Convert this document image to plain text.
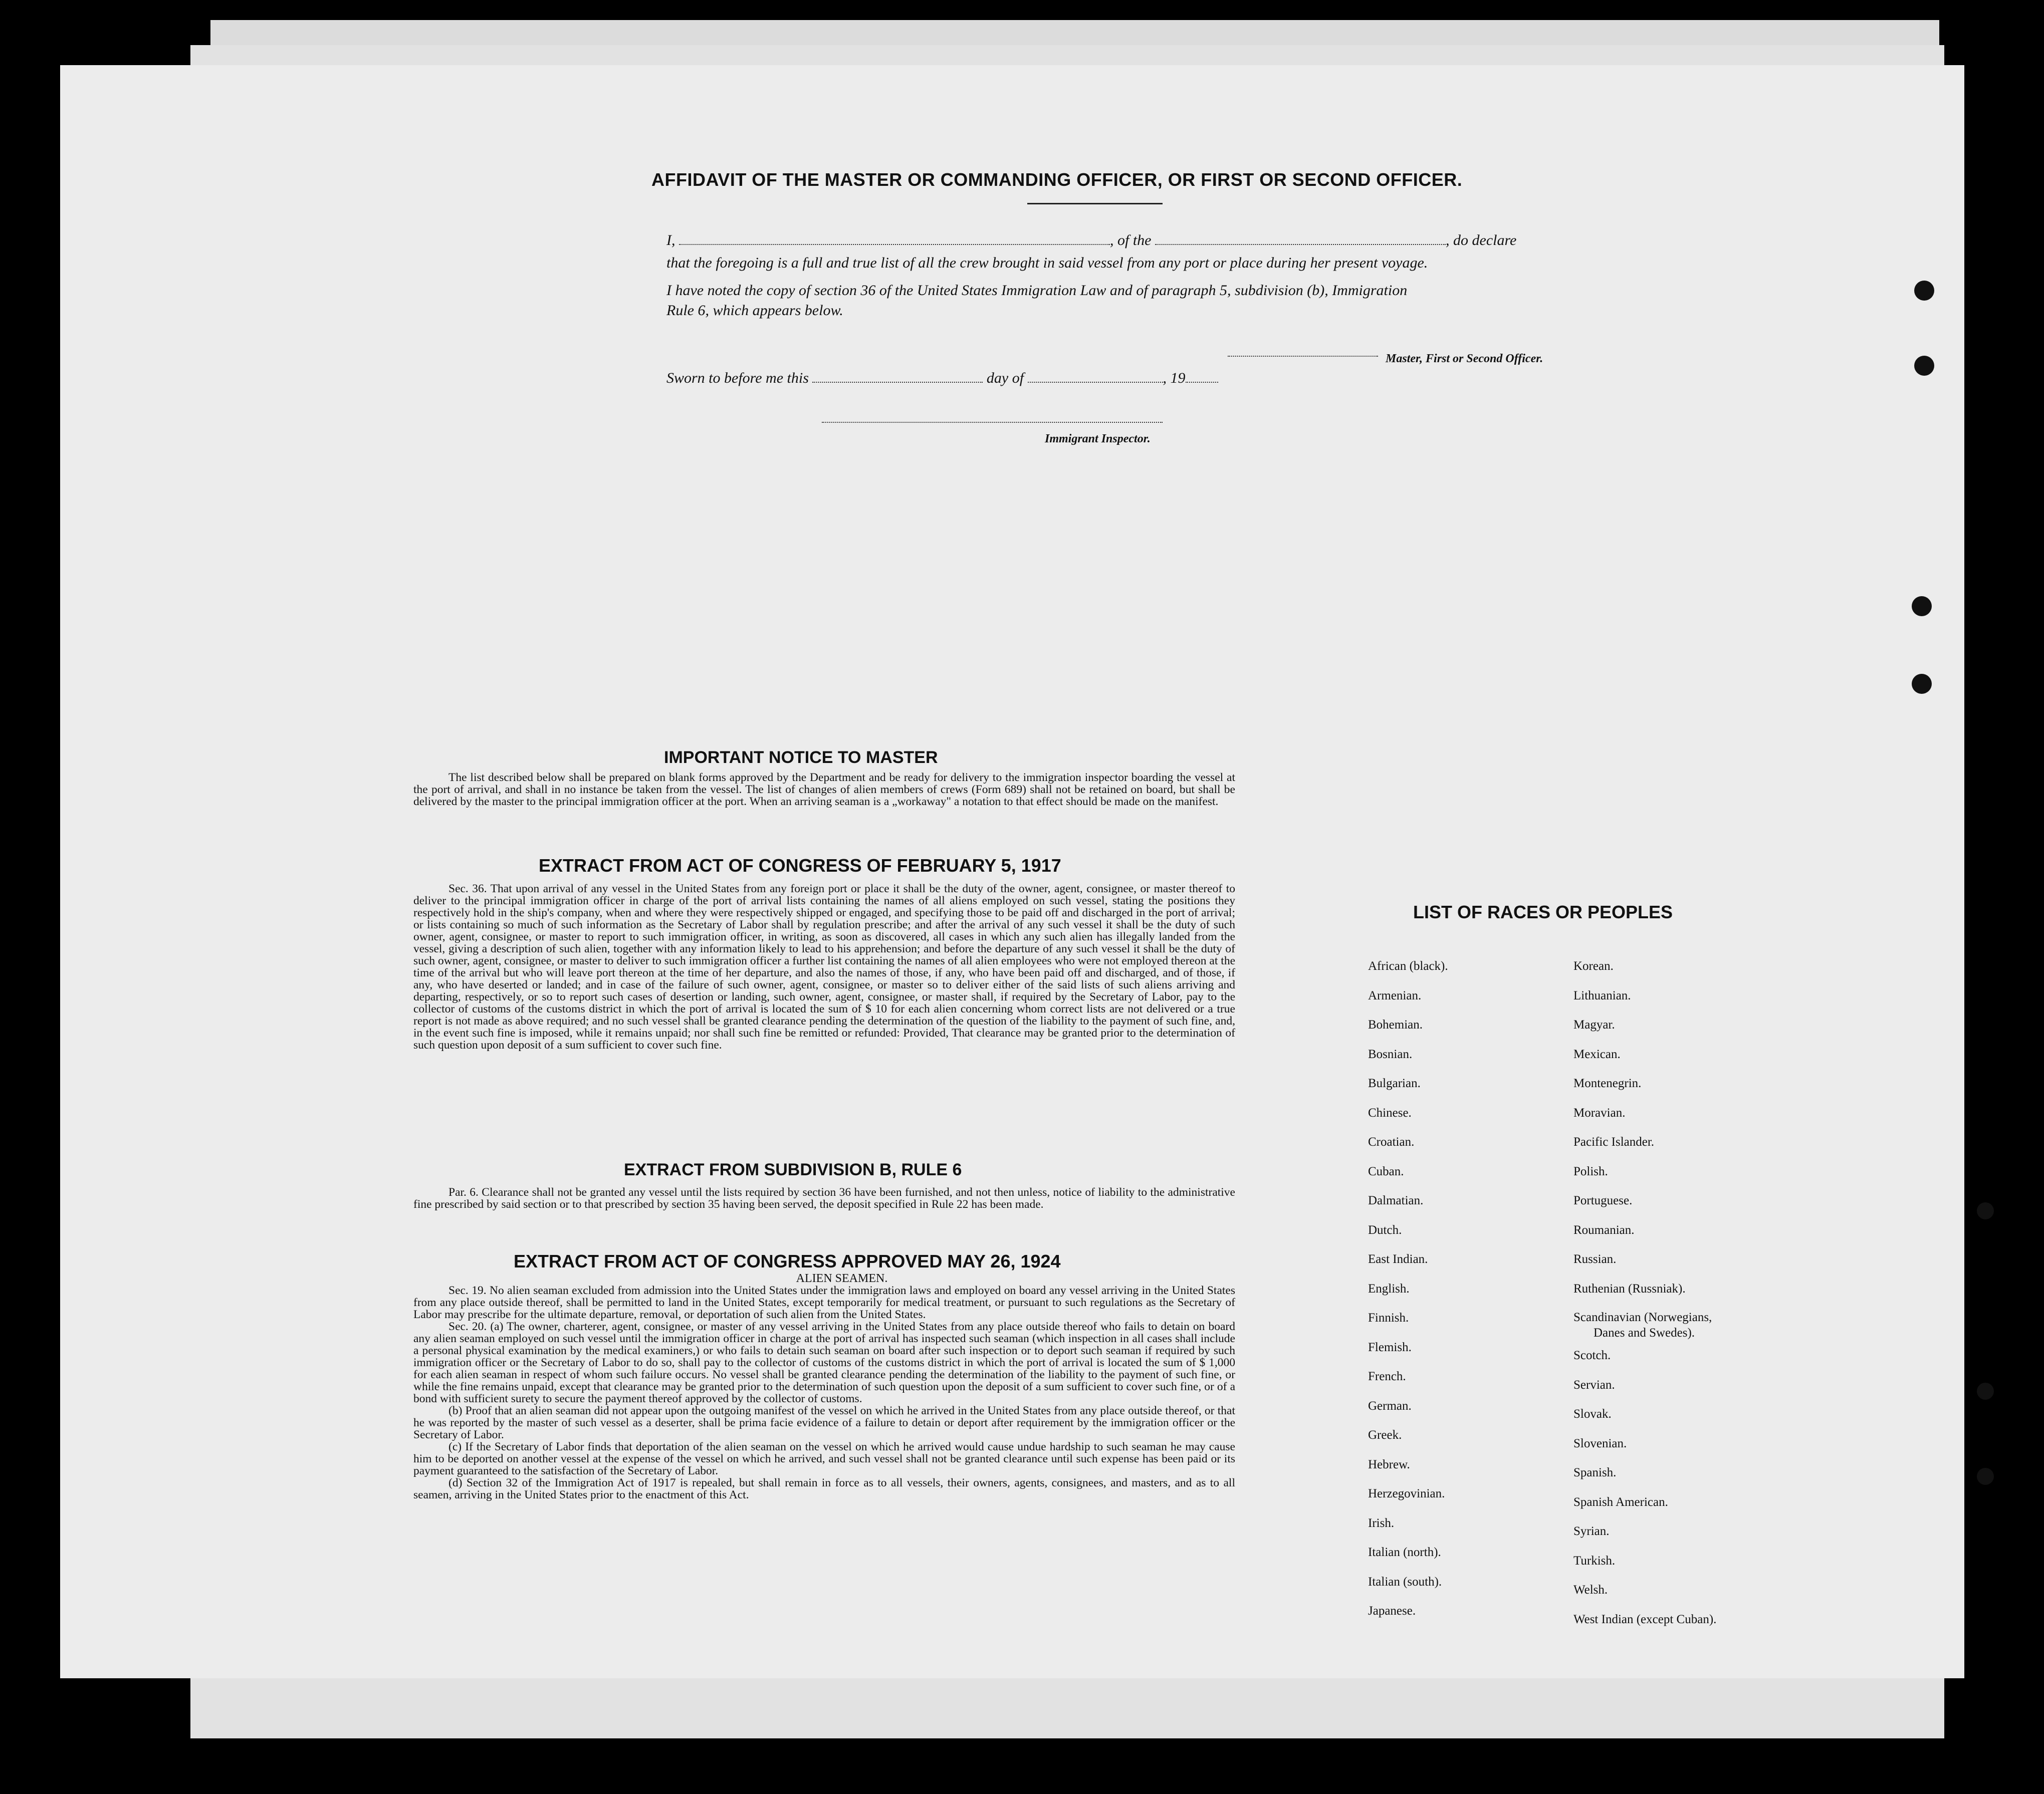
AFFIDAVIT OF THE MASTER OR COMMANDING OFFICER, OR FIRST OR SECOND OFFICER.
I,	, of the	, do declare
that the foregoing is a full and true list of all the crew brought in said vessel from any port or place during her present voyage.
I have noted the copy of section 36 of the United States Immigration Law and of paragraph 5, subdivision (b), Immigration
Rule 6, which appears below.
Master, First or Second Officer.
Sworn to before me this	day of	, 19
Immigrant Inspector.
IMPORTANT NOTICE TO MASTER

The list described below shall be prepared on blank forms approved by the Department and be ready for delivery to the immigration inspector boarding the vessel at the port of arrival, and shall in no instance be taken from the vessel. The list of changes of alien members of crews (Form 689) shall not be retained on board, but shall be delivered by the master to the principal immigration officer at the port. When an arriving seaman is a „workaway" a notation to that effect should be made on the manifest.

EXTRACT FROM ACT OF CONGRESS OF FEBRUARY 5, 1917

Sec. 36. That upon arrival of any vessel in the United States from any foreign port or place it shall be the duty of the owner, agent, consignee, or master thereof to deliver to the principal immigration officer in charge of the port of arrival lists containing the names of all aliens employed on such vessel, stating the positions they respectively hold in the ship's company, when and where they were respectively shipped or engaged, and specifying those to be paid off and discharged in the port of arrival; or lists containing so much of such information as the Secretary of Labor shall by regulation prescribe; and after the arrival of any such vessel it shall be the duty of such owner, agent, consignee, or master to report to such immigration officer, in writing, as soon as discovered, all cases in which any such alien has illegally landed from the vessel, giving a description of such alien, together with any information likely to lead to his apprehension; and before the departure of any such vessel it shall be the duty of such owner, agent, consignee, or master to deliver to such immigration officer a further list containing the names of all alien employees who were not employed thereon at the time of the arrival but who will leave port thereon at the time of her departure, and also the names of those, if any, who have been paid off and discharged, and of those, if any, who have deserted or landed; and in case of the failure of such owner, agent, consignee, or master so to deliver either of the said lists of such aliens arriving and departing, respectively, or so to report such cases of desertion or landing, such owner, agent, consignee, or master shall, if required by the Secretary of Labor, pay to the collector of customs of the customs district in which the port of arrival is located the sum of $ 10 for each alien concerning whom correct lists are not delivered or a true report is not made as above required; and no such vessel shall be granted clearance pending the determination of the question of the liability to the payment of such fine, and, in the event such fine is imposed, while it remains unpaid; nor shall such fine be remitted or refunded: Provided, That clearance may be granted prior to the determination of such question upon deposit of a sum sufficient to cover such fine.

EXTRACT FROM SUBDIVISION B, RULE 6

Par. 6. Clearance shall not be granted any vessel until the lists required by section 36 have been furnished, and not then unless, notice of liability to the administrative fine prescribed by said section or to that prescribed by section 35 having been served, the deposit specified in Rule 22 has been made.

EXTRACT FROM ACT OF CONGRESS APPROVED MAY 26, 1924

ALIEN SEAMEN.

Sec. 19. No alien seaman excluded from admission into the United States under the immigration laws and employed on board any vessel arriving in the United States from any place outside thereof, shall be permitted to land in the United States, except temporarily for medical treatment, or pursuant to such regulations as the Secretary of Labor may prescribe for the ultimate departure, removal, or deportation of such alien from the United States.

Sec. 20. (a) The owner, charterer, agent, consignee, or master of any vessel arriving in the United States from any place outside thereof who fails to detain on board any alien seaman employed on such vessel until the immigration officer in charge at the port of arrival has inspected such seaman (which inspection in all cases shall include a personal physical examination by the medical examiners,) or who fails to detain such seaman on board after such inspection or to deport such seaman if required by such immigration officer or the Secretary of Labor to do so, shall pay to the collector of customs of the customs district in which the port of arrival is located the sum of $ 1,000 for each alien seaman in respect of whom such failure occurs. No vessel shall be granted clearance pending the determination of the liability to the payment of such fine, or while the fine remains unpaid, except that clearance may be granted prior to the determination of such question upon the deposit of a sum sufficient to cover such fine, or of a bond with sufficient surety to secure the payment thereof approved by the collector of customs.

(b) Proof that an alien seaman did not appear upon the outgoing manifest of the vessel on which he arrived in the United States from any place outside thereof, or that he was reported by the master of such vessel as a deserter, shall be prima facie evidence of a failure to detain or deport after requirement by the immigration officer or the Secretary of Labor.

(c) If the Secretary of Labor finds that deportation of the alien seaman on the vessel on which he arrived would cause undue hardship to such seaman he may cause him to be deported on another vessel at the expense of the vessel on which he arrived, and such vessel shall not be granted clearance until such expense has been paid or its payment guaranteed to the satisfaction of the Secretary of Labor.

(d) Section 32 of the Immigration Act of 1917 is repealed, but shall remain in force as to all vessels, their owners, agents, consignees, and masters, and as to all seamen, arriving in the United States prior to the enactment of this Act.

LIST OF RACES OR PEOPLES
African (black).
Armenian.
Bohemian.
Bosnian.
Bulgarian.
Chinese.
Croatian.
Cuban.
Dalmatian.
Dutch.
East Indian.
English.
Finnish.
Flemish.
French.
German.
Greek.
Hebrew.
Herzegovinian.
Irish.
Italian (north).
Italian (south).
Japanese.
Korean.
Lithuanian.
Magyar.
Mexican.
Montenegrin.
Moravian.
Pacific Islander.
Polish.
Portuguese.
Roumanian.
Russian.
Ruthenian (Russniak).
Scandinavian (Norwegians,
Danes and Swedes).
Scotch.
Servian.
Slovak.
Slovenian.
Spanish.
Spanish American.
Syrian.
Turkish.
Welsh.
West Indian (except Cuban).
